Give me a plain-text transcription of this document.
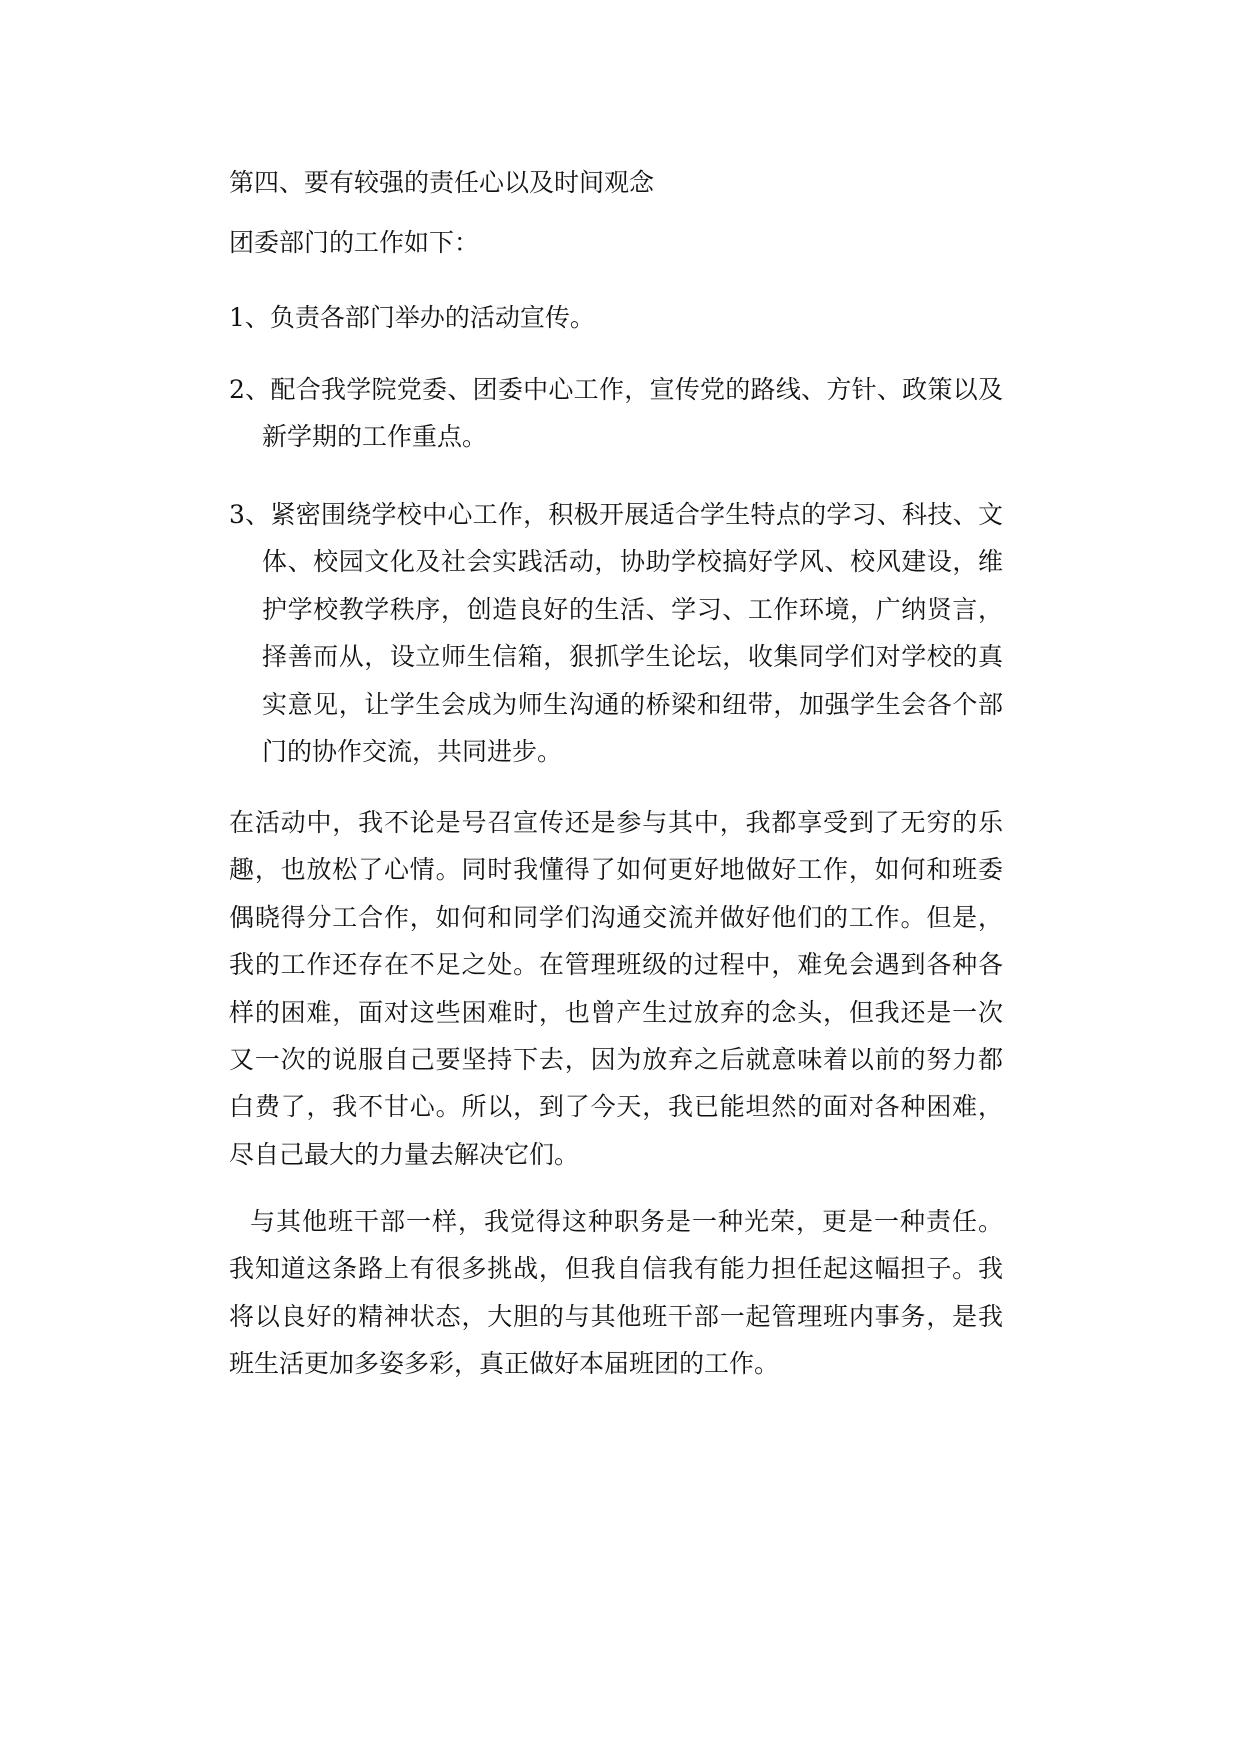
第四、要有较强的责任心以及时间观念
团委部门的工作如下：
1、负责各部门举办的活动宣传。
2、配合我学院党委、团委中心工作，宣传党的路线、方针、政策以及
新学期的工作重点。
3、紧密围绕学校中心工作，积极开展适合学生特点的学习、科技、文
体、校园文化及社会实践活动，协助学校搞好学风、校风建设，维
护学校教学秩序，创造良好的生活、学习、工作环境，广纳贤言，
择善而从，设立师生信箱，狠抓学生论坛，收集同学们对学校的真
实意见，让学生会成为师生沟通的桥梁和纽带，加强学生会各个部
门的协作交流，共同进步。
在活动中，我不论是号召宣传还是参与其中，我都享受到了无穷的乐
趣，也放松了心情。同时我懂得了如何更好地做好工作，如何和班委
偶晓得分工合作，如何和同学们沟通交流并做好他们的工作。但是，
我的工作还存在不足之处。在管理班级的过程中，难免会遇到各种各
样的困难，面对这些困难时，也曾产生过放弃的念头，但我还是一次
又一次的说服自己要坚持下去，因为放弃之后就意味着以前的努力都
白费了，我不甘心。所以，到了今天，我已能坦然的面对各种困难，
尽自己最大的力量去解决它们。
与其他班干部一样，我觉得这种职务是一种光荣，更是一种责任。
我知道这条路上有很多挑战，但我自信我有能力担任起这幅担子。我
将以良好的精神状态，大胆的与其他班干部一起管理班内事务，是我
班生活更加多姿多彩，真正做好本届班团的工作。
